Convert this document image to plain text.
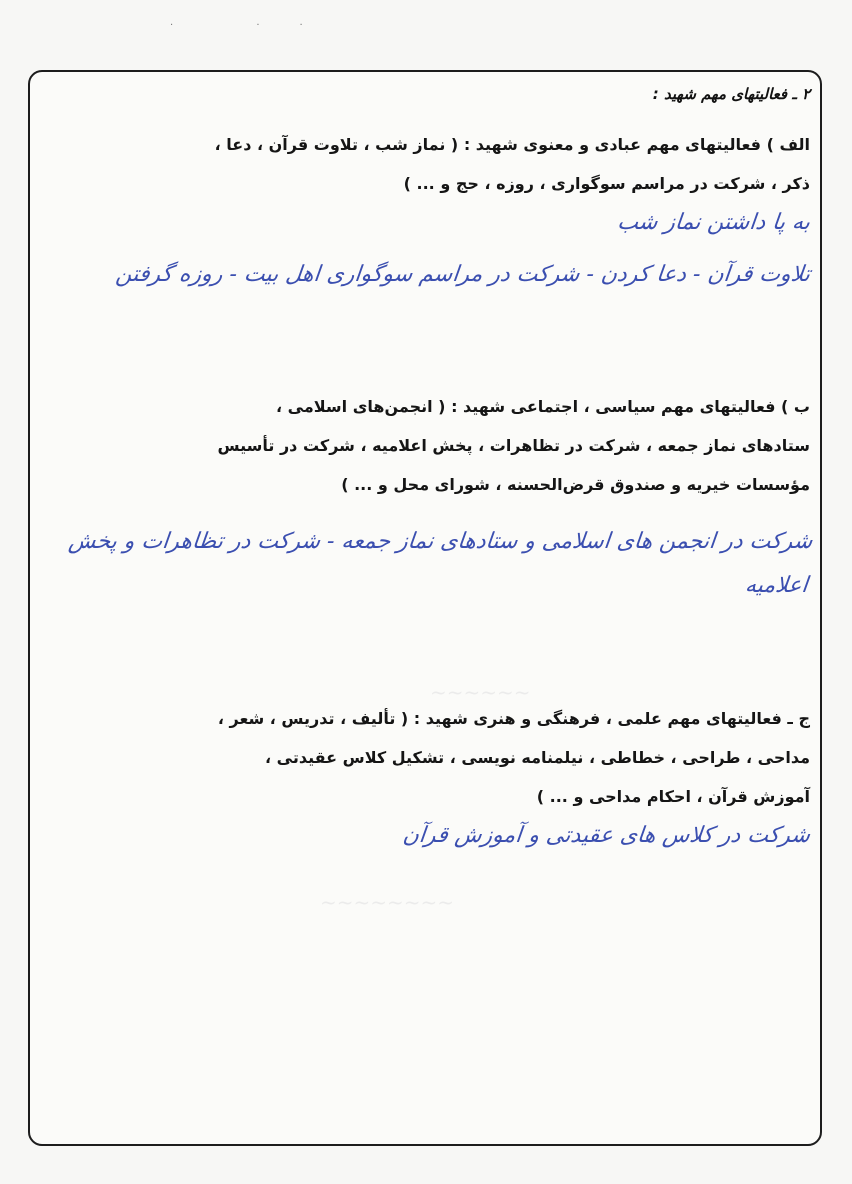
· ··
~~~~~~
~~~~~~~~
۲ ـ فعالیتهای مهم شهید :

الف ) فعالیتهای مهم عبادی و معنوی شهید : ( نماز شب ، تلاوت قرآن ، دعا ،

ذکر ، شرکت در مراسم سوگواری ، روزه ، حج و ... )

به پا داشتن نماز شب

تلاوت قرآن - دعا کردن - شرکت در مراسم سوگواری اهل بیت - روزه گرفتن

ب ) فعالیتهای مهم سیاسی ، اجتماعی شهید : ( انجمن‌های اسلامی ،

ستادهای نماز جمعه ، شرکت در تظاهرات ، پخش اعلامیه ، شرکت در تأسیس

مؤسسات خیریه و صندوق قرض‌الحسنه ، شورای محل و ... )

شرکت در انجمن های اسلامی و ستادهای نماز جمعه - شرکت در تظاهرات و پخش اعلامیه

ج ـ فعالیتهای مهم علمی ، فرهنگی و هنری شهید : ( تألیف ، تدریس ، شعر ،

مداحی ، طراحی ، خطاطی ، نیلمنامه نویسی ، تشکیل کلاس عقیدتی ،

آموزش قرآن ، احکام مداحی و ... )

شرکت در کلاس های عقیدتی و آموزش قرآن
